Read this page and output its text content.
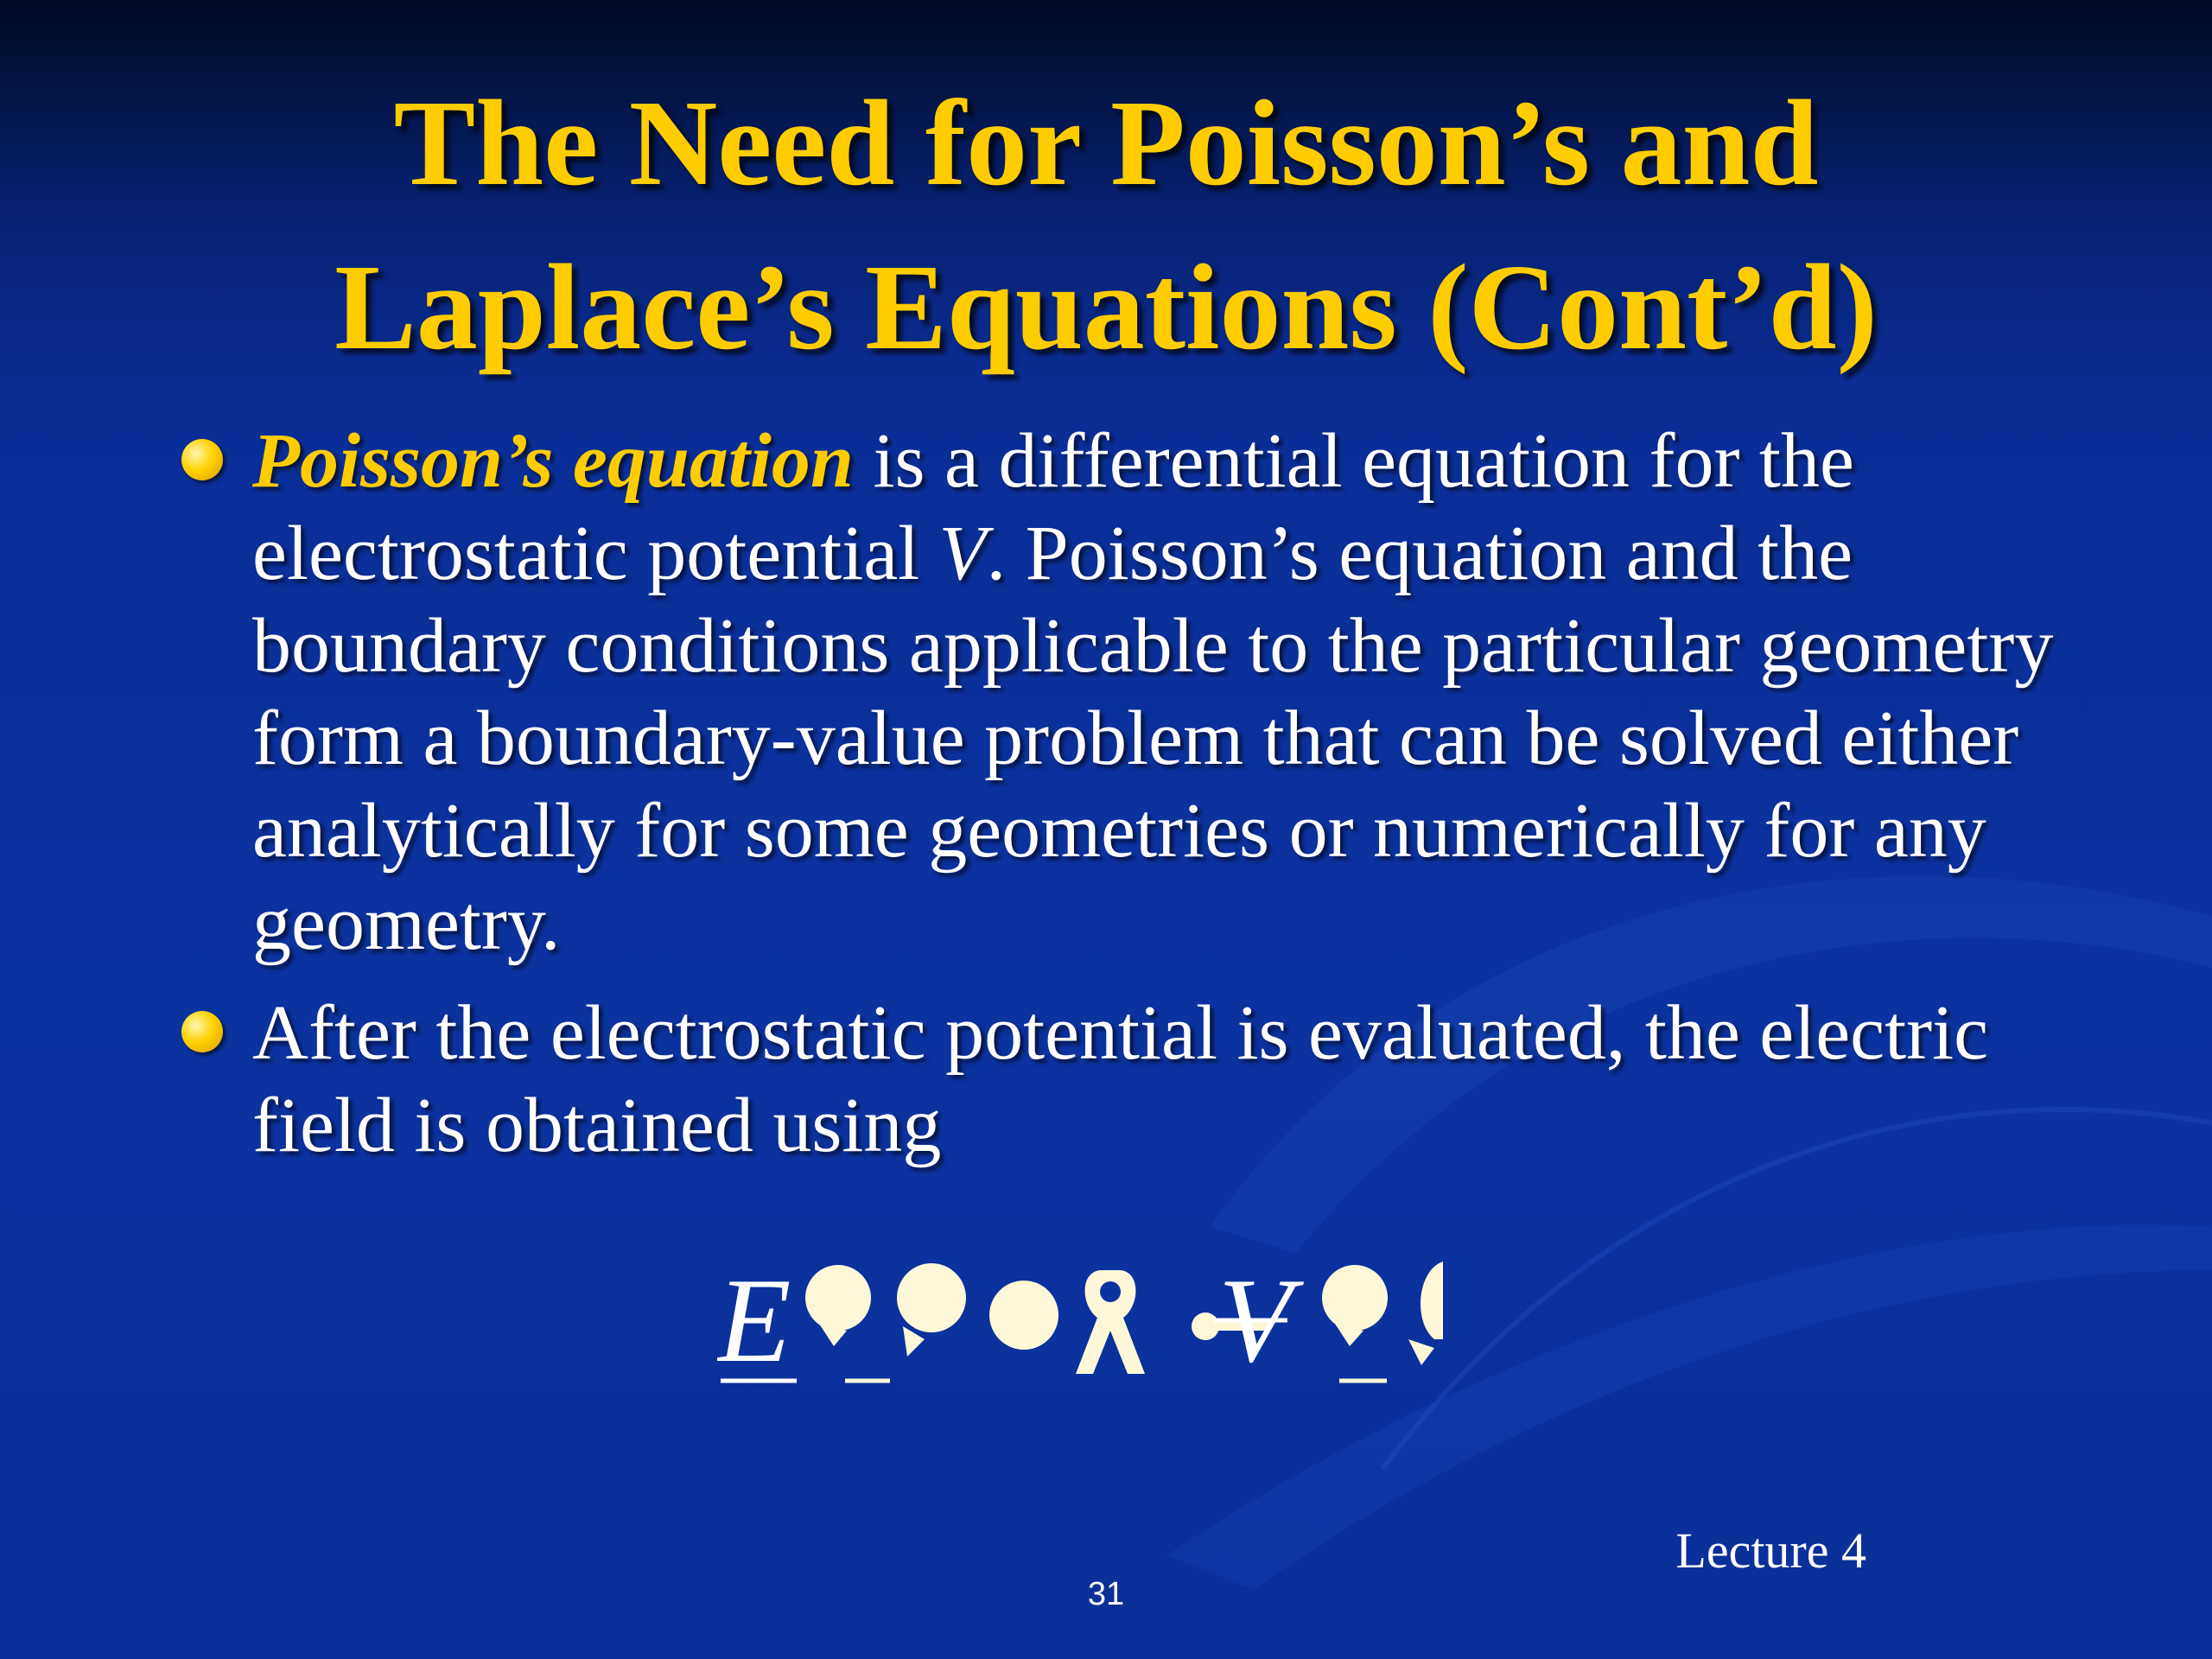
The Need for Poisson’s and
Laplace’s Equations (Cont’d)
Poisson’s equation is a differential equation for the electrostatic potential V. Poisson’s equation and the boundary conditions applicable to the particular geometry form a boundary-value problem that can be solved either analytically for some geometries or numerically for any geometry.
After the electrostatic potential is evaluated, the electric field is obtained using
E	V
Lecture 4
31
